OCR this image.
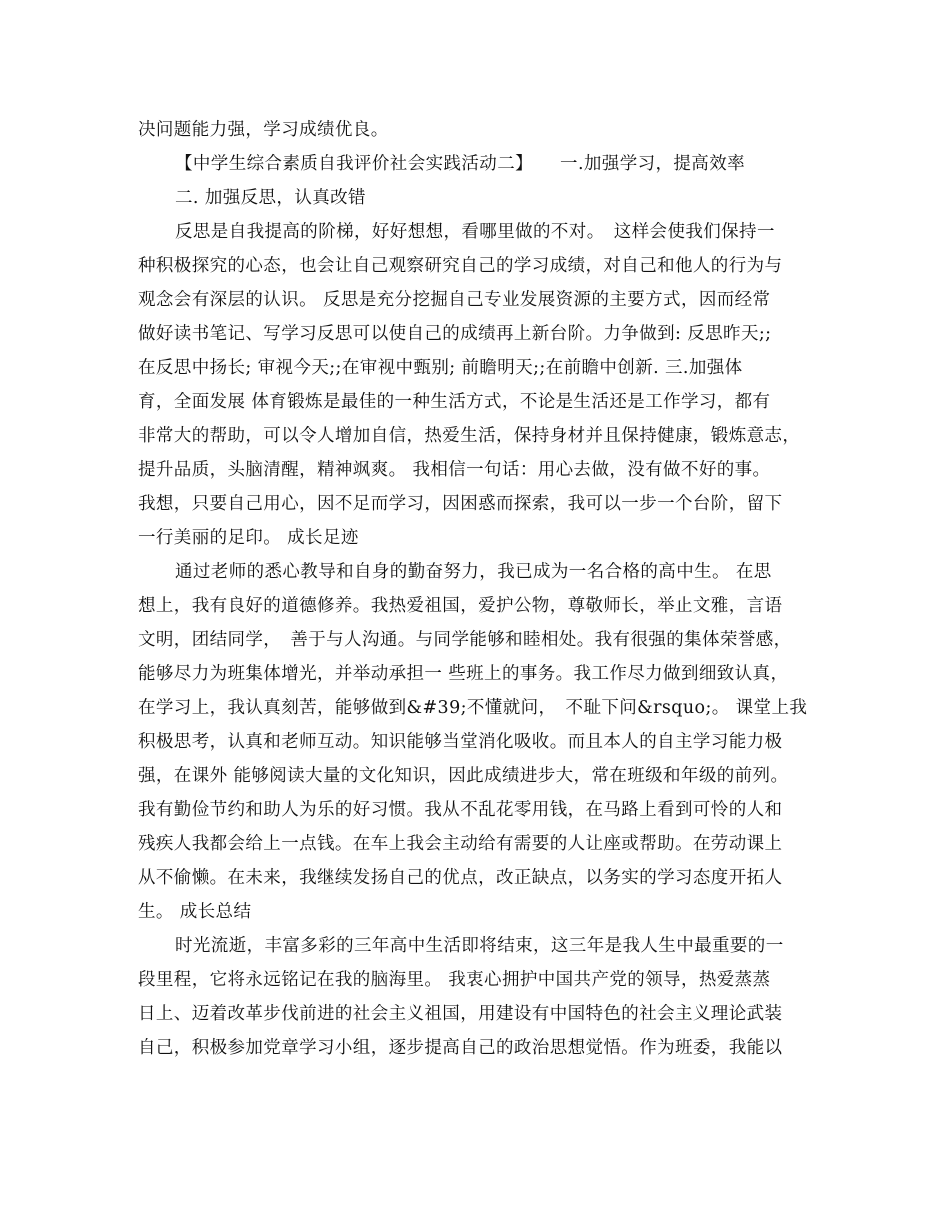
决问题能力强，学习成绩优良。
【中学生综合素质自我评价社会实践活动二】　　一.加强学习，提高效率
二. 加强反思，认真改错
反思是自我提高的阶梯，好好想想，看哪里做的不对。　这样会使我们保持一
种积极探究的心态，也会让自己观察研究自己的学习成绩，对自己和他人的行为与
观念会有深层的认识。 反思是充分挖掘自己专业发展资源的主要方式，因而经常
做好读书笔记、写学习反思可以使自己的成绩再上新台阶。力争做到: 反思昨天;;
在反思中扬长; 审视今天;;在审视中甄别; 前瞻明天;;在前瞻中创新. 三.加强体
育，全面发展 体育锻炼是最佳的一种生活方式，不论是生活还是工作学习，都有
非常大的帮助，可以令人增加自信，热爱生活，保持身材并且保持健康，锻炼意志，
提升品质，头脑清醒，精神飒爽。 我相信一句话：用心去做，没有做不好的事。
我想，只要自己用心，因不足而学习，因困惑而探索，我可以一步一个台阶，留下
一行美丽的足印。 成长足迹
通过老师的悉心教导和自身的勤奋努力，我已成为一名合格的高中生。 在思
想上，我有良好的道德修养。我热爱祖国，爱护公物，尊敬师长，举止文雅，言语
文明，团结同学，　善于与人沟通。与同学能够和睦相处。我有很强的集体荣誉感，
能够尽力为班集体增光，并举动承担一 些班上的事务。我工作尽力做到细致认真，
在学习上，我认真刻苦，能够做到&#39;不懂就问，　不耻下问&rsquo;。 课堂上我
积极思考，认真和老师互动。知识能够当堂消化吸收。而且本人的自主学习能力极
强，在课外 能够阅读大量的文化知识，因此成绩进步大，常在班级和年级的前列。
我有勤俭节约和助人为乐的好习惯。我从不乱花零用钱，在马路上看到可怜的人和
残疾人我都会给上一点钱。在车上我会主动给有需要的人让座或帮助。在劳动课上
从不偷懒。在未来，我继续发扬自己的优点，改正缺点，以务实的学习态度开拓人
生。 成长总结
时光流逝，丰富多彩的三年高中生活即将结束，这三年是我人生中最重要的一
段里程，它将永远铭记在我的脑海里。 我衷心拥护中国共产党的领导，热爱蒸蒸
日上、迈着改革步伐前进的社会主义祖国，用建设有中国特色的社会主义理论武装
自己，积极参加党章学习小组，逐步提高自己的政治思想觉悟。作为班委，我能以
